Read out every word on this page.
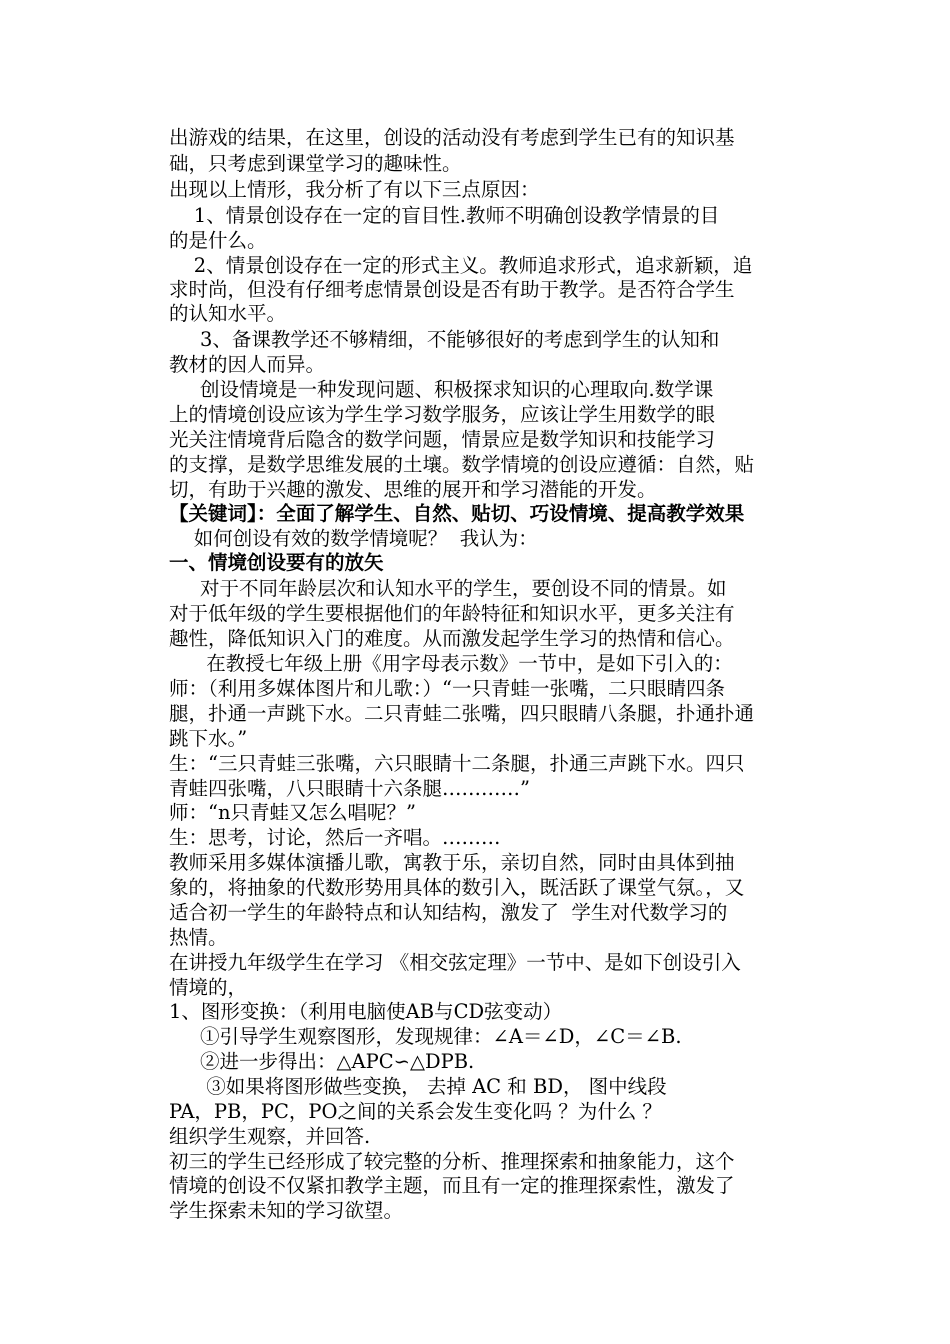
出游戏的结果，在这里，创设的活动没有考虑到学生已有的知识基
础，只考虑到课堂学习的趣味性。
出现以上情形，我分析了有以下三点原因：
1、情景创设存在一定的盲目性.教师不明确创设教学情景的目
的是什么。
2、情景创设存在一定的形式主义。教师追求形式，追求新颖，追
求时尚，但没有仔细考虑情景创设是否有助于教学。是否符合学生
的认知水平。
3、备课教学还不够精细，不能够很好的考虑到学生的认知和
教材的因人而异。
创设情境是一种发现问题、积极探求知识的心理取向.数学课
上的情境创设应该为学生学习数学服务，应该让学生用数学的眼
光关注情境背后隐含的数学问题，情景应是数学知识和技能学习
的支撑，是数学思维发展的土壤。数学情境的创设应遵循：自然，贴
切，有助于兴趣的激发、思维的展开和学习潜能的开发。
【关键词】：全面了解学生、自然、贴切、巧设情境、提高教学效果
如何创设有效的数学情境呢？  我认为：
一、情境创设要有的放矢
对于不同年龄层次和认知水平的学生，要创设不同的情景。如
对于低年级的学生要根据他们的年龄特征和知识水平，更多关注有
趣性，降低知识入门的难度。从而激发起学生学习的热情和信心。
在教授七年级上册《用字母表示数》一节中，是如下引入的：
师：（利用多媒体图片和儿歌：）“一只青蛙一张嘴，二只眼睛四条
腿，扑通一声跳下水。二只青蛙二张嘴，四只眼睛八条腿，扑通扑通
跳下水。”
生：“三只青蛙三张嘴，六只眼睛十二条腿，扑通三声跳下水。四只
青蛙四张嘴，八只眼睛十六条腿…………”
师：“n只青蛙又怎么唱呢？”
生：思考，讨论，然后一齐唱。………
教师采用多媒体演播儿歌，寓教于乐，亲切自然，同时由具体到抽
象的，将抽象的代数形势用具体的数引入，既活跃了课堂气氛。，又
适合初一学生的年龄特点和认知结构，激发了  学生对代数学习的
热情。
在讲授九年级学生在学习 《相交弦定理》一节中、是如下创设引入
情境的，
1、图形变换：（利用电脑使AB与CD弦变动）
①引导学生观察图形，发现规律：∠A＝∠D，∠C＝∠B.
②进一步得出：△APC∽△DPB.
③如果将图形做些变换， 去掉 AC 和 BD， 图中线段
PA，PB，PC，PO之间的关系会发生变化吗 ？为什么 ？
组织学生观察，并回答.
初三的学生已经形成了较完整的分析、推理探索和抽象能力，这个
情境的创设不仅紧扣教学主题，而且有一定的推理探索性，激发了
学生探索未知的学习欲望。
